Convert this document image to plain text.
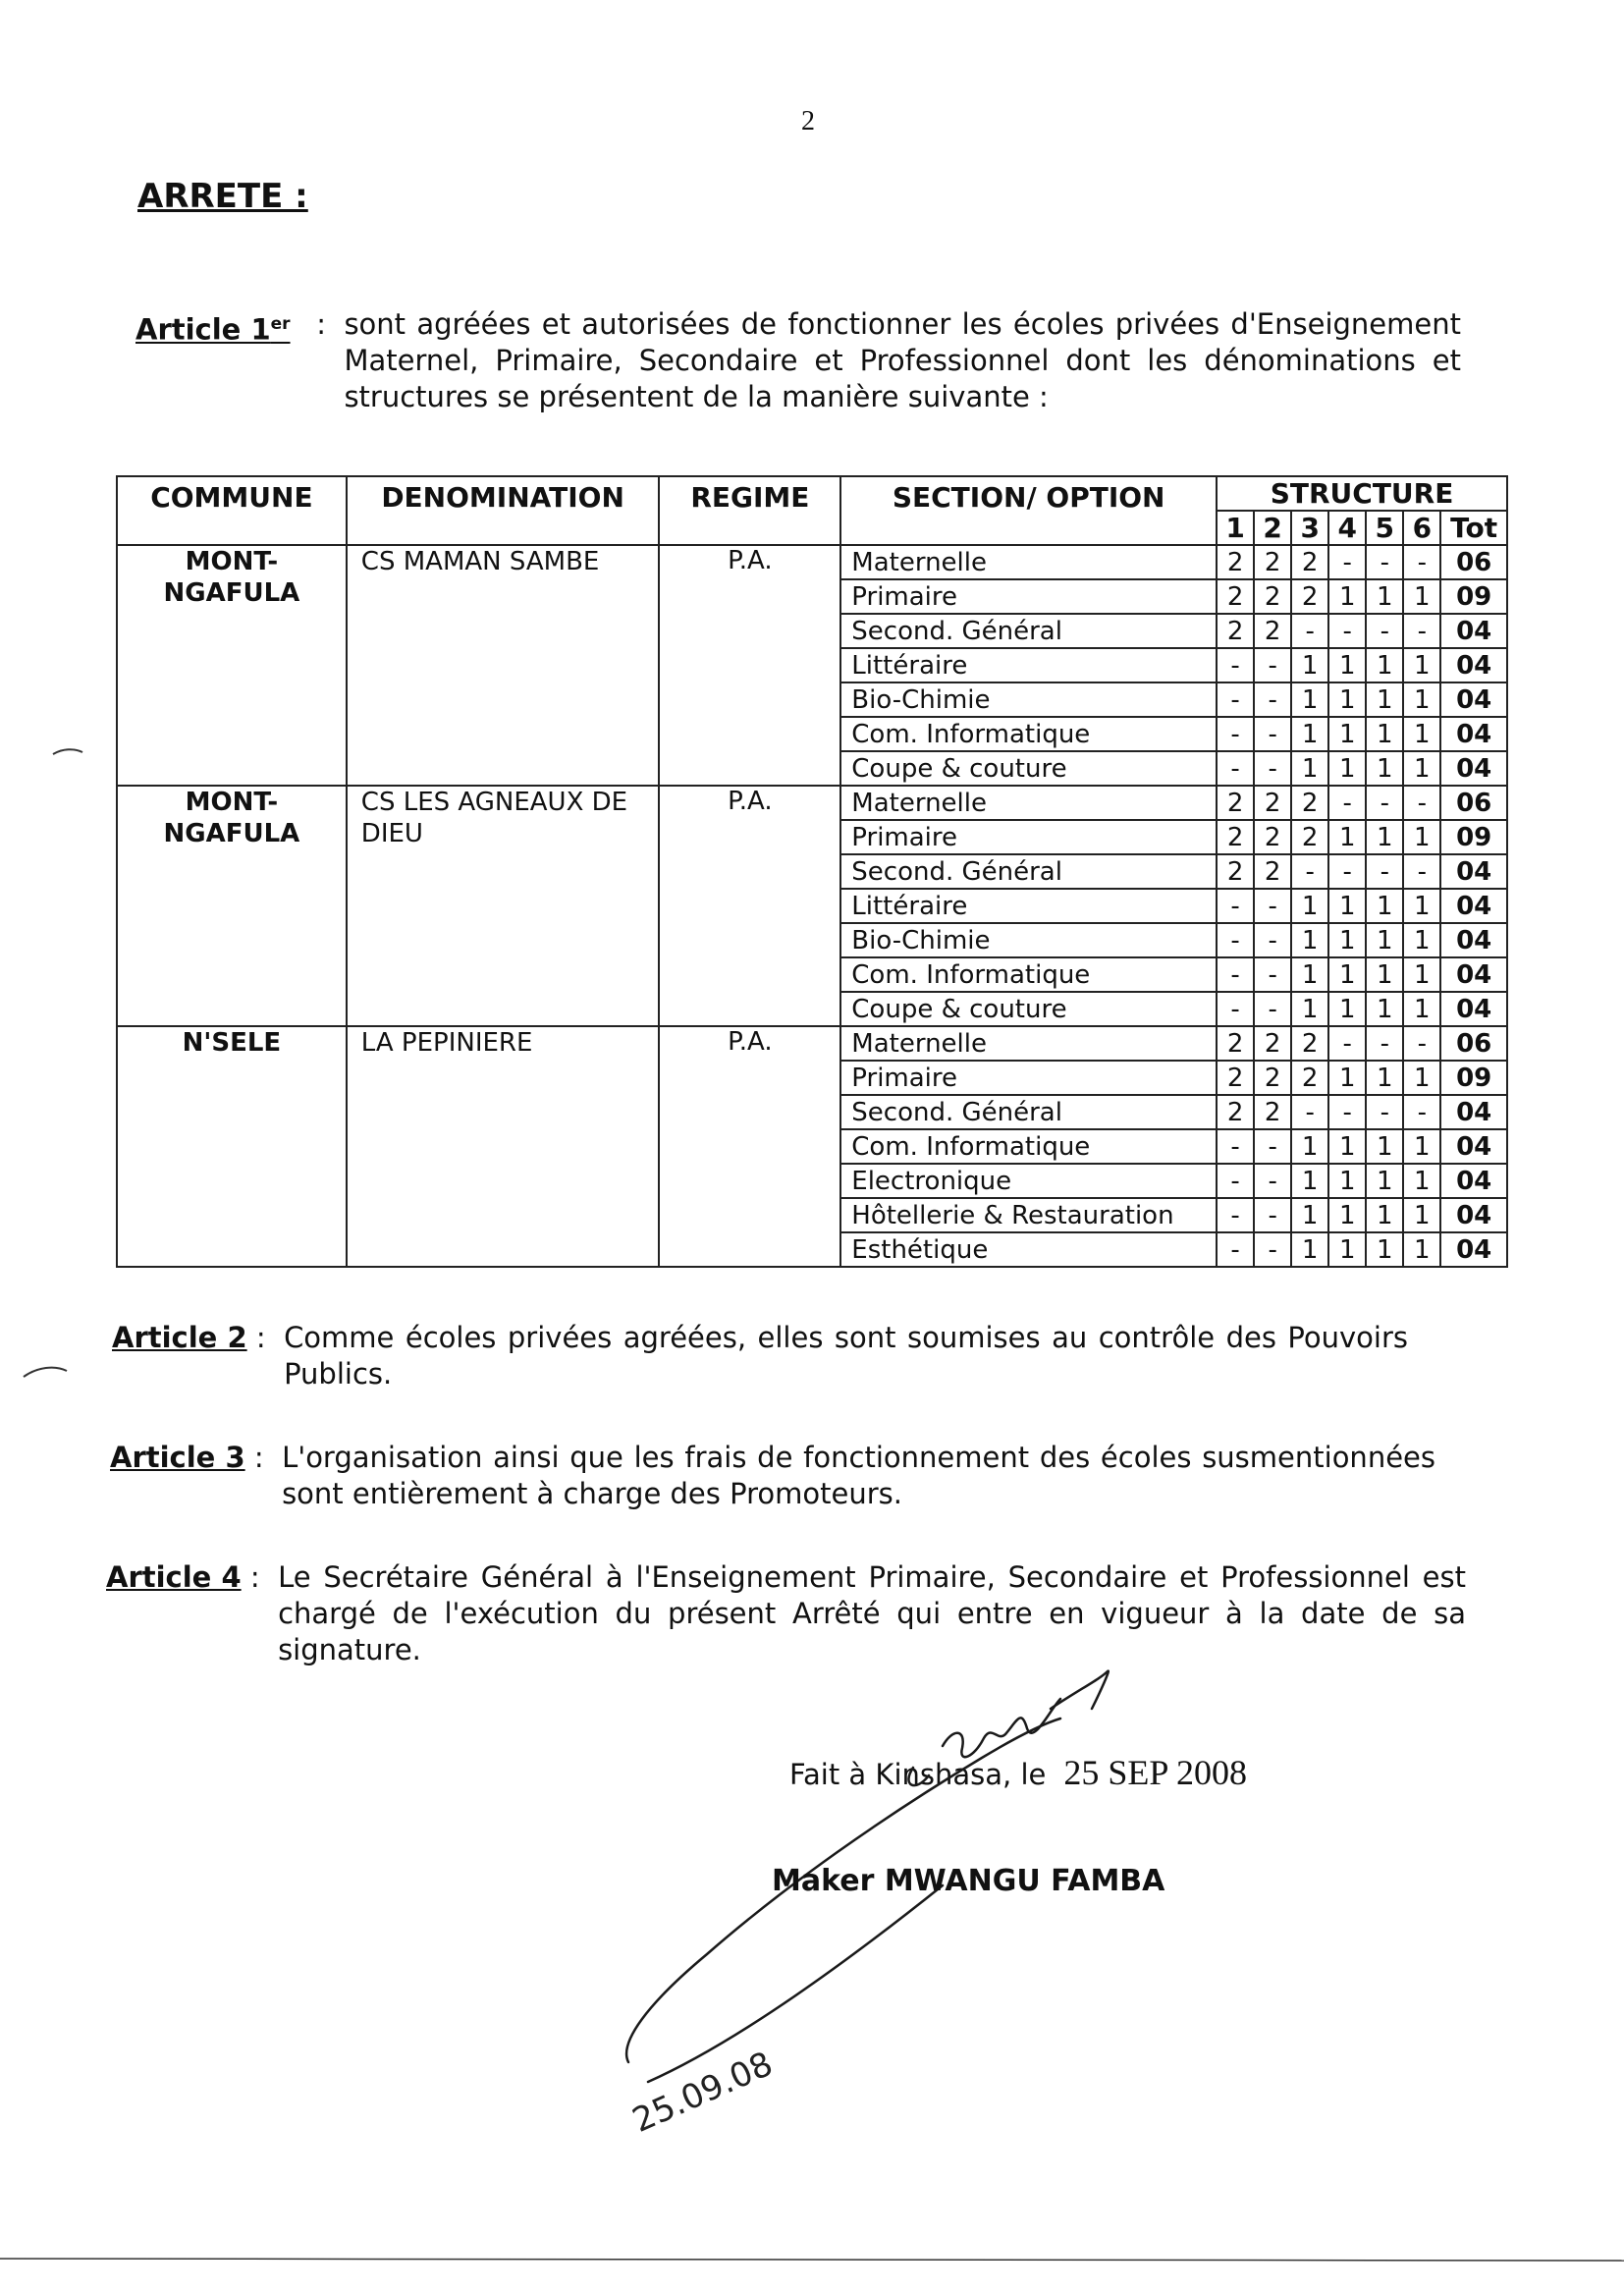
2
ARRETE :
Article 1er : sont agréées et autorisées de fonctionner les écoles privées d'Enseignement Maternel, Primaire, Secondaire et Professionnel dont les dénominations et structures se présentent de la manière suivante :
COMMUNE	DENOMINATION	REGIME	SECTION/ OPTION	STRUCTURE						
				1	2	3	4	5	6	Tot
MONT- NGAFULA	CS MAMAN SAMBE	P.A.	Maternelle	2	2	2	-	-	-	06
			Primaire	2	2	2	1	1	1	09
			Second. Général	2	2	-	-	-	-	04
			Littéraire	-	-	1	1	1	1	04
			Bio-Chimie	-	-	1	1	1	1	04
			Com. Informatique	-	-	1	1	1	1	04
			Coupe & couture	-	-	1	1	1	1	04
MONT- NGAFULA	CS LES AGNEAUX DE DIEU	P.A.	Maternelle	2	2	2	-	-	-	06
			Primaire	2	2	2	1	1	1	09
			Second. Général	2	2	-	-	-	-	04
			Littéraire	-	-	1	1	1	1	04
			Bio-Chimie	-	-	1	1	1	1	04
			Com. Informatique	-	-	1	1	1	1	04
			Coupe & couture	-	-	1	1	1	1	04
N'SELE	LA PEPINIERE	P.A.	Maternelle	2	2	2	-	-	-	06
			Primaire	2	2	2	1	1	1	09
			Second. Général	2	2	-	-	-	-	04
			Com. Informatique	-	-	1	1	1	1	04
			Electronique	-	-	1	1	1	1	04
			Hôtellerie & Restauration	-	-	1	1	1	1	04
			Esthétique	-	-	1	1	1	1	04
Article 2 : Comme écoles privées agréées, elles sont soumises au contrôle des Pouvoirs Publics.
Article 3 : L'organisation ainsi que les frais de fonctionnement des écoles susmentionnées sont entièrement à charge des Promoteurs.
Article 4 : Le Secrétaire Général à l'Enseignement Primaire, Secondaire et Professionnel est chargé de l'exécution du présent Arrêté qui entre en vigueur à la date de sa signature.
Fait à Kinshasa, le 25 SEP 2008
25.09.08
Maker MWANGU FAMBA
